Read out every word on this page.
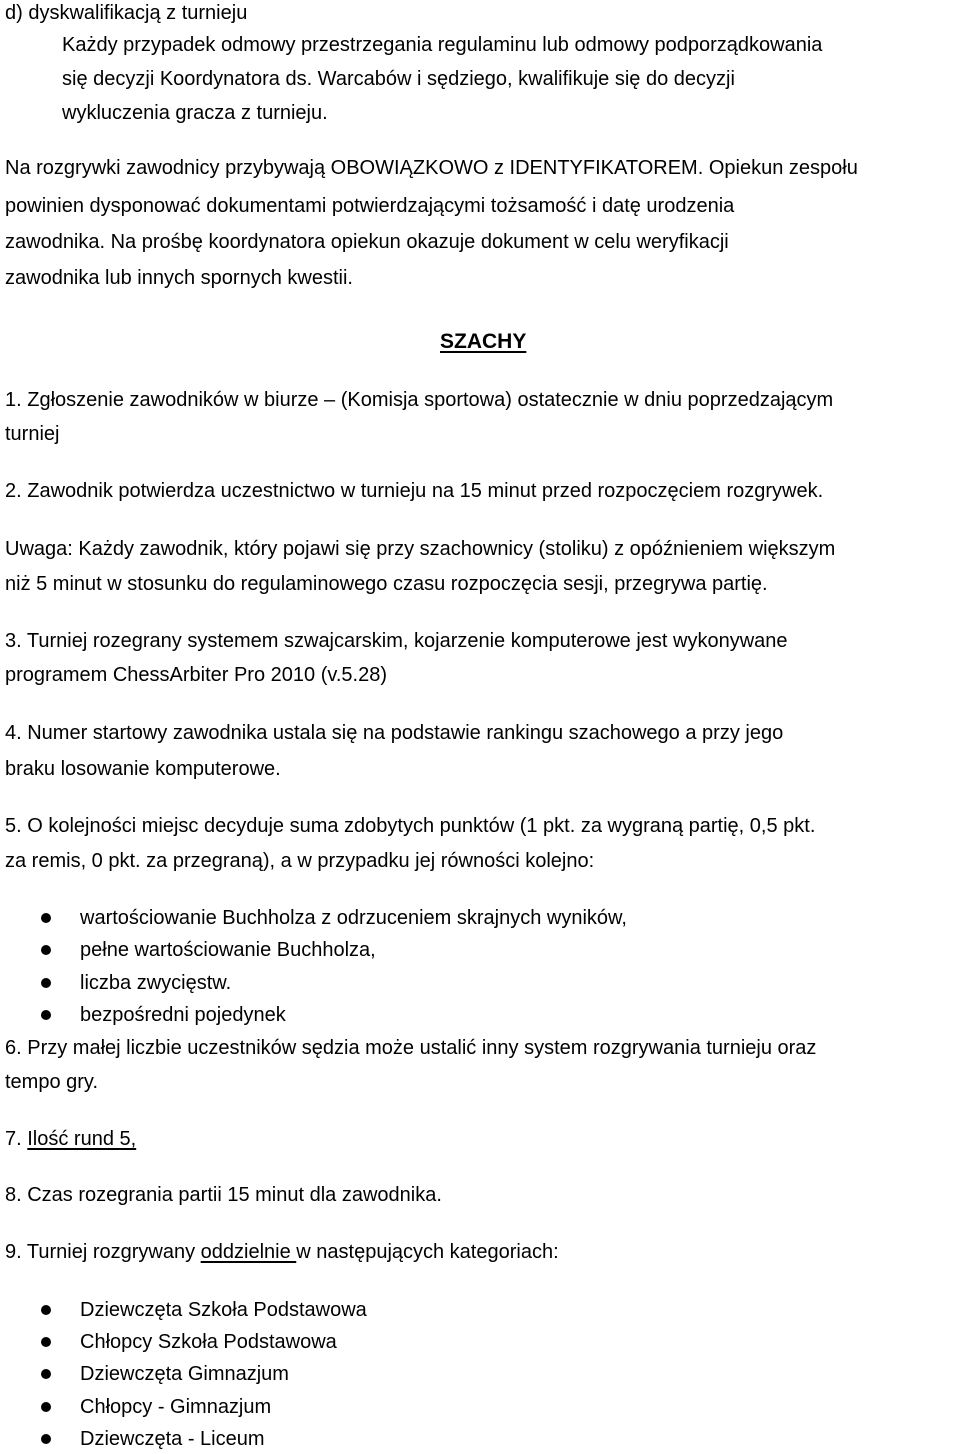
d) dyskwalifikacją z turnieju

Każdy przypadek odmowy przestrzegania regulaminu lub odmowy podporządkowania

się decyzji Koordynatora ds. Warcabów i sędziego, kwalifikuje się do decyzji

wykluczenia gracza z turnieju.

Na rozgrywki zawodnicy przybywają OBOWIĄZKOWO z IDENTYFIKATOREM. Opiekun zespołu

powinien dysponować dokumentami potwierdzającymi tożsamość i datę urodzenia

zawodnika. Na prośbę koordynatora opiekun okazuje dokument w celu weryfikacji

zawodnika lub innych spornych kwestii.

SZACHY

1. Zgłoszenie zawodników w biurze – (Komisja sportowa) ostatecznie w dniu poprzedzającym

turniej

2. Zawodnik potwierdza uczestnictwo w turnieju na 15 minut przed rozpoczęciem rozgrywek.

Uwaga: Każdy zawodnik, który pojawi się przy szachownicy (stoliku) z opóźnieniem większym

niż 5 minut w stosunku do regulaminowego czasu rozpoczęcia sesji, przegrywa partię.

3. Turniej rozegrany systemem szwajcarskim, kojarzenie komputerowe jest wykonywane

programem ChessArbiter Pro 2010 (v.5.28)

4. Numer startowy zawodnika ustala się na podstawie rankingu szachowego a przy jego

braku losowanie komputerowe.

5. O kolejności miejsc decyduje suma zdobytych punktów (1 pkt. za wygraną partię, 0,5 pkt.

za remis, 0 pkt. za przegraną), a w przypadku jej równości kolejno:

wartościowanie Buchholza z odrzuceniem skrajnych wyników,

pełne wartościowanie Buchholza,

liczba zwycięstw.

bezpośredni pojedynek

6. Przy małej liczbie uczestników sędzia może ustalić inny system rozgrywania turnieju oraz

tempo gry.

7. Ilość rund 5,

8. Czas rozegrania partii 15 minut dla zawodnika.

9. Turniej rozgrywany oddzielnie w następujących kategoriach:

Dziewczęta Szkoła Podstawowa

Chłopcy Szkoła Podstawowa

Dziewczęta Gimnazjum

Chłopcy - Gimnazjum

Dziewczęta - Liceum
